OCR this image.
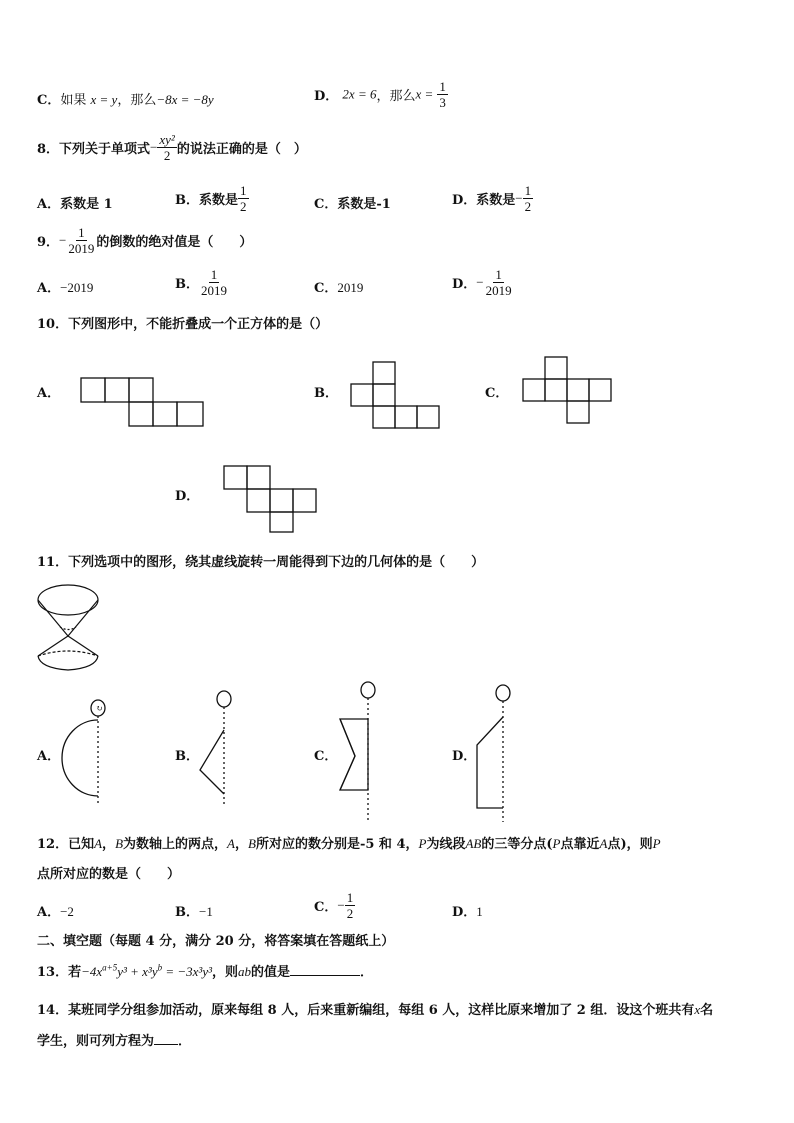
C．如果 x = y，那么−8x = −8y	D． 2x = 6，那么$x = \frac{1}{3}$
8．下列关于单项式− $\frac{\text{xy²}}{2}$ 的说法正确的是（　）
A．系数是 1	B．系数是 $\frac{1}{2}$	C．系数是-1	D．系数是− $\frac{1}{2}$
9．− $\frac{1}{2019}$ 的倒数的绝对值是（　　）
A．−2019	B． $\frac{1}{2019}$	C．2019	D．− $\frac{1}{2019}$
10．下列图形中，不能折叠成一个正方体的是（）
A．	B．	C．
D．
↻
11．下列选项中的图形，绕其虚线旋转一周能得到下边的几何体的是（　　）
A．	B．	C．	D．
12．已知A，B为数轴上的两点，A，B所对应的数分别是-5 和 4，P为线段AB的三等分点(P点靠近A点)，则P
点所对应的数是（　　）
A．−2	B．−1	C．− $\frac{1}{2}$	D．1
二、填空题（每题 4 分，满分 20 分，将答案填在答题纸上）
13．若$-4x^{a+5}y^3 + x^3y^b = -3x^3y^3$，则ab的值是	．
14．某班同学分组参加活动，原来每组 8 人，后来重新编组，每组 6 人，这样比原来增加了 2 组．设这个班共有x名
学生，则可列方程为 ．
